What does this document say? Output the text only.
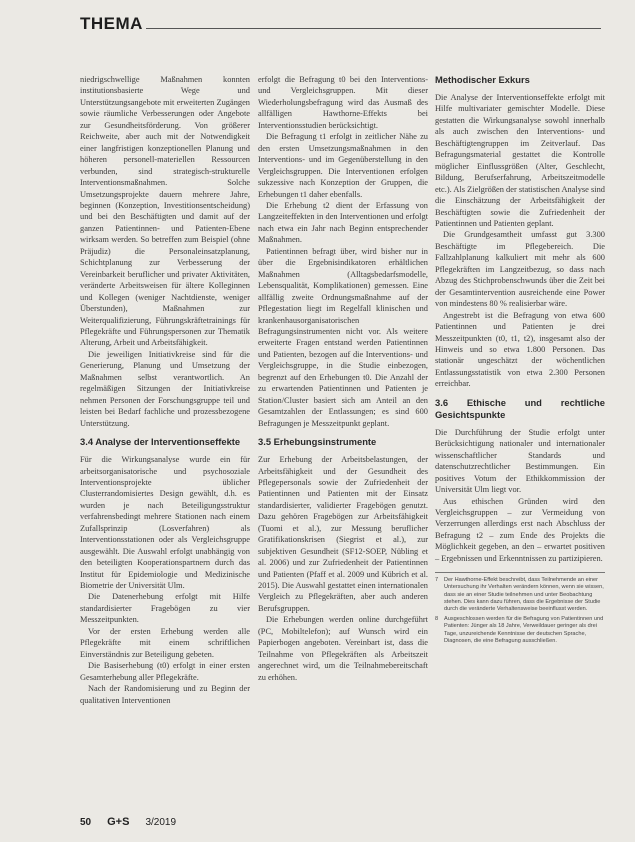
THEMA

niedrigschwellige Maßnahmen konnten institutionsbasierte Wege und Unterstützungsangebote mit erweiterten Zugängen sowie räumliche Verbesserungen oder Angebote zur Gesundheitsförderung. Von größerer Reichweite, aber auch mit der Notwendigkeit einer langfristigen konzeptionellen Planung und höheren personell-materiellen Ressourcen verbunden, sind strategisch-strukturelle Interventionsmaßnahmen. Solche Umsetzungsprojekte dauern mehrere Jahre, beginnen (Konzeption, Investitionsentscheidung) und bei den Beschäftigten und damit auf der ganzen Patientinnen- und Patienten-Ebene wirksam werden. So betreffen zum Beispiel (ohne Präjudiz) die Personaleinsatzplanung, Schichtplanung zur Verbesserung der Vereinbarkeit beruflicher und privater Aktivitäten, veränderte Arbeitsweisen für ältere Kolleginnen und Kollegen (weniger Nachtdienste, weniger Überstunden), Maßnahmen zur Weiterqualifizierung, Führungskräftetrainings für Pflegekräfte und Führungspersonen zur Thematik Alterung, Arbeit und Arbeitsfähigkeit.

Die jeweiligen Initiativkreise sind für die Generierung, Planung und Umsetzung der Maßnahmen selbst verantwortlich. An regelmäßigen Sitzungen der Initiativkreise nehmen Personen der Forschungsgruppe teil und leisten bei Bedarf fachliche und prozessbezogene Unterstützung.

3.4 Analyse der Interventionseffekte

Für die Wirkungsanalyse wurde ein für arbeitsorganisatorische und psychosoziale Interventionsprojekte üblicher Clusterrandomisiertes Design gewählt, d.h. es wurden je nach Beteiligungsstruktur verfahrensbedingt mehrere Stationen nach einem Zufallsprinzip (Losverfahren) als Interventionsstationen oder als Vergleichsgruppe ausgewählt. Die Auswahl erfolgt unabhängig von den beteiligten Kooperationspartnern durch das Institut für Epidemiologie und Medizinische Biometrie der Universität Ulm.

Die Datenerhebung erfolgt mit Hilfe standardisierter Fragebögen zu vier Messzeitpunkten.

Vor der ersten Erhebung werden alle Pflegekräfte mit einem schriftlichen Einverständnis zur Beteiligung gebeten.

Die Basiserhebung (t0) erfolgt in einer ersten Gesamterhebung aller Pflegekräfte.

Nach der Randomisierung und zu Beginn der qualitativen Interventionen

erfolgt die Befragung t0 bei den Interventions- und Vergleichsgruppen. Mit dieser Wiederholungsbefragung wird das Ausmaß des allfälligen Hawthorne-Effekts bei Interventionsstudien berücksichtigt.

Die Befragung t1 erfolgt in zeitlicher Nähe zu den ersten Umsetzungsmaßnahmen in den Interventions- und im Gegenüberstellung in den Vergleichsgruppen. Die Interventionen erfolgen sukzessive nach Konzeption der Gruppen, die Erhebungen t1 daher ebenfalls.

Die Erhebung t2 dient der Erfassung von Langzeiteffekten in den Interventionen und erfolgt nach etwa ein Jahr nach Beginn entsprechender Maßnahmen.

Patientinnen befragt über, wird bisher nur in über die Ergebnisindikatoren erhältlichen Maßnahmen (Alltagsbedarfsmodelle, Lebensqualität, Komplikationen) gemessen. Eine allfällig zweite Ordnungsmaßnahme auf der Pflegestation liegt im Regelfall klinischen und krankenhausorganisatorischen Befragungsinstrumenten nicht vor. Als weitere erweiterte Fragen entstand werden Patientinnen und Patienten, bezogen auf die Interventions- und Vergleichsgruppe, in die Studie einbezogen, begrenzt auf den Erhebungen t0. Die Anzahl der zu erwartenden Patientinnen und Patienten je Station/Cluster basiert sich am Anteil an den Gesamtzahlen der Entlassungen; es sind 600 Befragungen je Messzeitpunkt geplant.

3.5 Erhebungsinstrumente

Zur Erhebung der Arbeitsbelastungen, der Arbeitsfähigkeit und der Gesundheit des Pflegepersonals sowie der Zufriedenheit der Patientinnen und Patienten mit der Einsatz standardisierter, validierter Fragebögen genutzt. Dazu gehören Fragebögen zur Arbeitsfähigkeit (Tuomi et al.), zur Messung beruflicher Gratifikationskrisen (Siegrist et al.), zur subjektiven Gesundheit (SF12-SOEP, Nübling et al. 2006) und zur Zufriedenheit der Patientinnen und Patienten (Pfaff et al. 2009 und Kübrich et al. 2015). Die Auswahl gestattet einen internationalen Vergleich zu Pflegekräften, aber auch anderen Berufsgruppen.

Die Erhebungen werden online durchgeführt (PC, Mobiltelefon); auf Wunsch wird ein Papierbogen angeboten. Vereinbart ist, dass die Teilnahme von Pflegekräften als Arbeitszeit angerechnet wird, um die Teilnahmebereitschaft zu erhöhen.

Methodischer Exkurs

Die Analyse der Interventionseffekte erfolgt mit Hilfe multivariater gemischter Modelle. Diese gestatten die Wirkungsanalyse sowohl innerhalb als auch zwischen den Interventions- und Beschäftigtengruppen im Zeitverlauf. Das Befragungsmaterial gestattet die Kontrolle möglicher Einflussgrößen (Alter, Geschlecht, Bildung, Berufserfahrung, Arbeitszeitmodelle etc.). Als Zielgrößen der statistischen Analyse sind die Einschätzung der Arbeitsfähigkeit der Beschäftigten sowie die Zufriedenheit der Patientinnen und Patienten geplant.

Die Grundgesamtheit umfasst gut 3.300 Beschäftigte im Pflegebereich. Die Fallzahlplanung kalkuliert mit mehr als 600 Pflegekräften im Langzeitbezug, so dass nach Abzug des Stichprobenschwunds über die Zeit bei der Gesamtintervention ausreichende eine Power von mindestens 80 % realisierbar wäre.

Angestrebt ist die Befragung von etwa 600 Patientinnen und Patienten je drei Messzeitpunkten (t0, t1, t2), insgesamt also der Hinweis und so etwa 1.800 Personen. Das stationär ungeschätzt der wöchentlichen Entlassungsstatistik von etwa 2.300 Personen erreichbar.

3.6 Ethische und rechtliche Gesichtspunkte

Die Durchführung der Studie erfolgt unter Berücksichtigung nationaler und internationaler wissenschaftlicher Standards und datenschutzrechtlicher Bestimmungen. Ein positives Votum der Ethikkommission der Universität Ulm liegt vor.

Aus ethischen Gründen wird den Vergleichsgruppen – zur Vermeidung von Verzerrungen allerdings erst nach Abschluss der Befragung t2 – zum Ende des Projekts die Möglichkeit gegeben, an den – erwartet positiven – Ergebnissen und Erkenntnissen zu partizipieren.

7	Der Hawthorne-Effekt beschreibt, dass Teilnehmende an einer Untersuchung ihr Verhalten verändern können, wenn sie wissen, dass sie an einer Studie teilnehmen und unter Beobachtung stehen. Dies kann dazu führen, dass die Ergebnisse der Studie durch die veränderte Verhaltensweise beeinflusst werden.
8	Ausgeschlossen werden für die Befragung von Patientinnen und Patienten: Jünger als 18 Jahre, Verweildauer geringer als drei Tage, unzureichende Kenntnisse der deutschen Sprache, Diagnosen, die eine Befragung ausschließen.
50 G+S 3/2019
